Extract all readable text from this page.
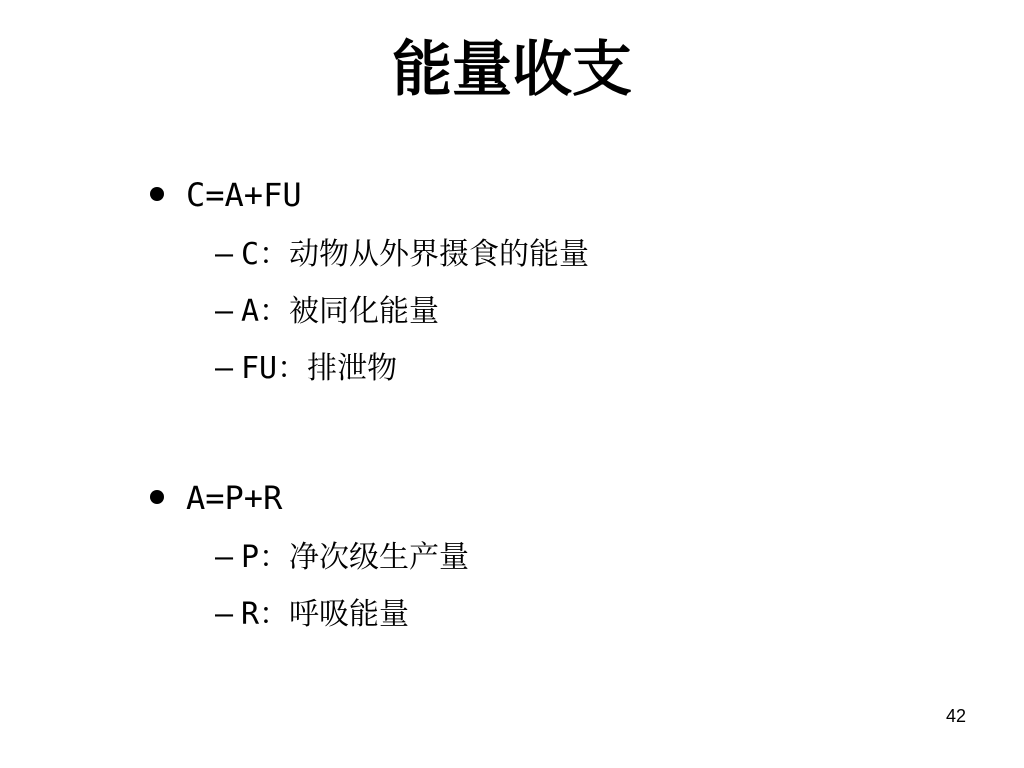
能量收支
C=A+FU
– C：动物从外界摄食的能量
– A：被同化能量
– FU：排泄物
A=P+R
– P：净次级生产量
– R：呼吸能量
42
